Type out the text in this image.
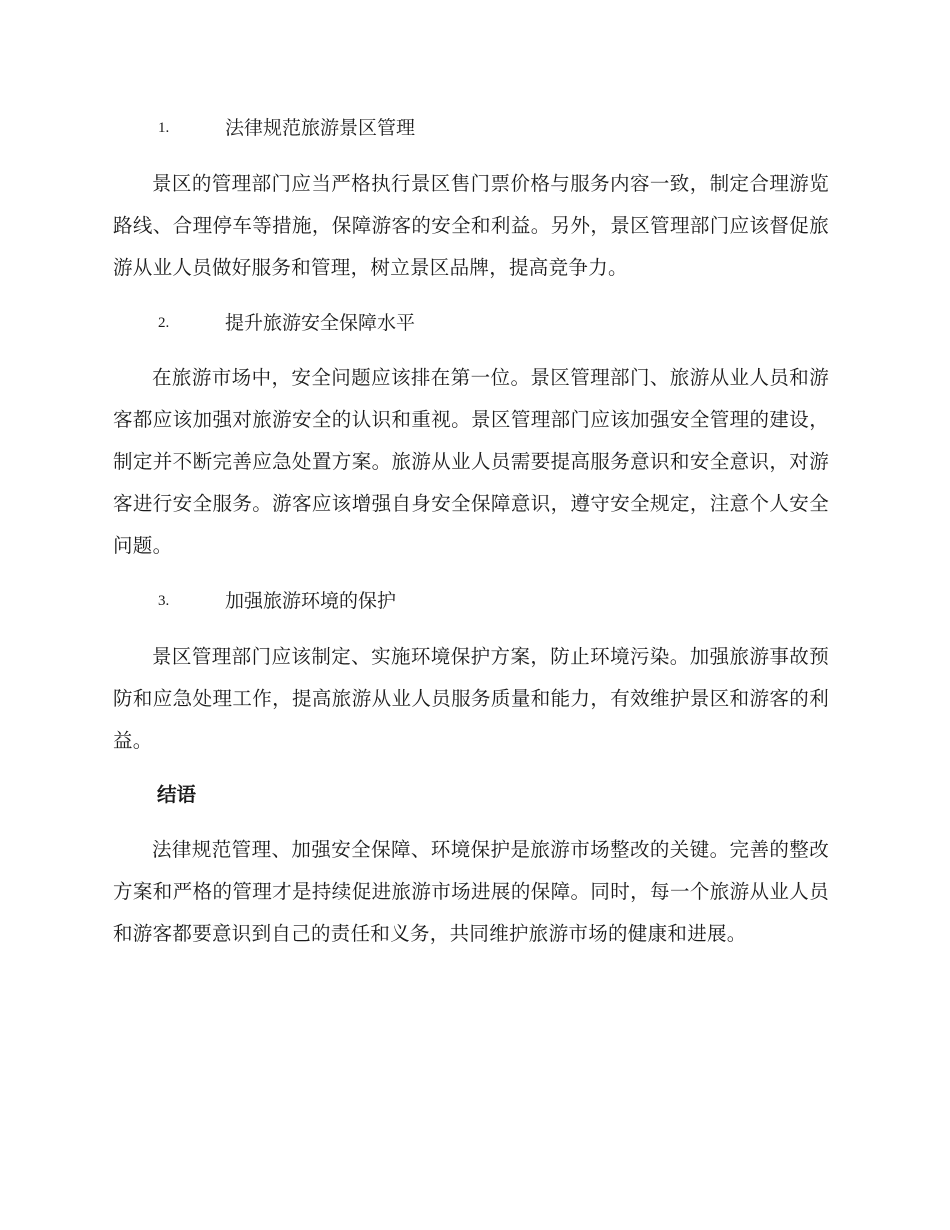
1.	法律规范旅游景区管理

景区的管理部门应当严格执行景区售门票价格与服务内容一致，制定合理游览路线、合理停车等措施，保障游客的安全和利益。另外，景区管理部门应该督促旅游从业人员做好服务和管理，树立景区品牌，提高竞争力。

2.	提升旅游安全保障水平

在旅游市场中，安全问题应该排在第一位。景区管理部门、旅游从业人员和游客都应该加强对旅游安全的认识和重视。景区管理部门应该加强安全管理的建设，制定并不断完善应急处置方案。旅游从业人员需要提高服务意识和安全意识，对游客进行安全服务。游客应该增强自身安全保障意识，遵守安全规定，注意个人安全问题。

3.	加强旅游环境的保护

景区管理部门应该制定、实施环境保护方案，防止环境污染。加强旅游事故预防和应急处理工作，提高旅游从业人员服务质量和能力，有效维护景区和游客的利益。

结语

法律规范管理、加强安全保障、环境保护是旅游市场整改的关键。完善的整改方案和严格的管理才是持续促进旅游市场进展的保障。同时，每一个旅游从业人员和游客都要意识到自己的责任和义务，共同维护旅游市场的健康和进展。
